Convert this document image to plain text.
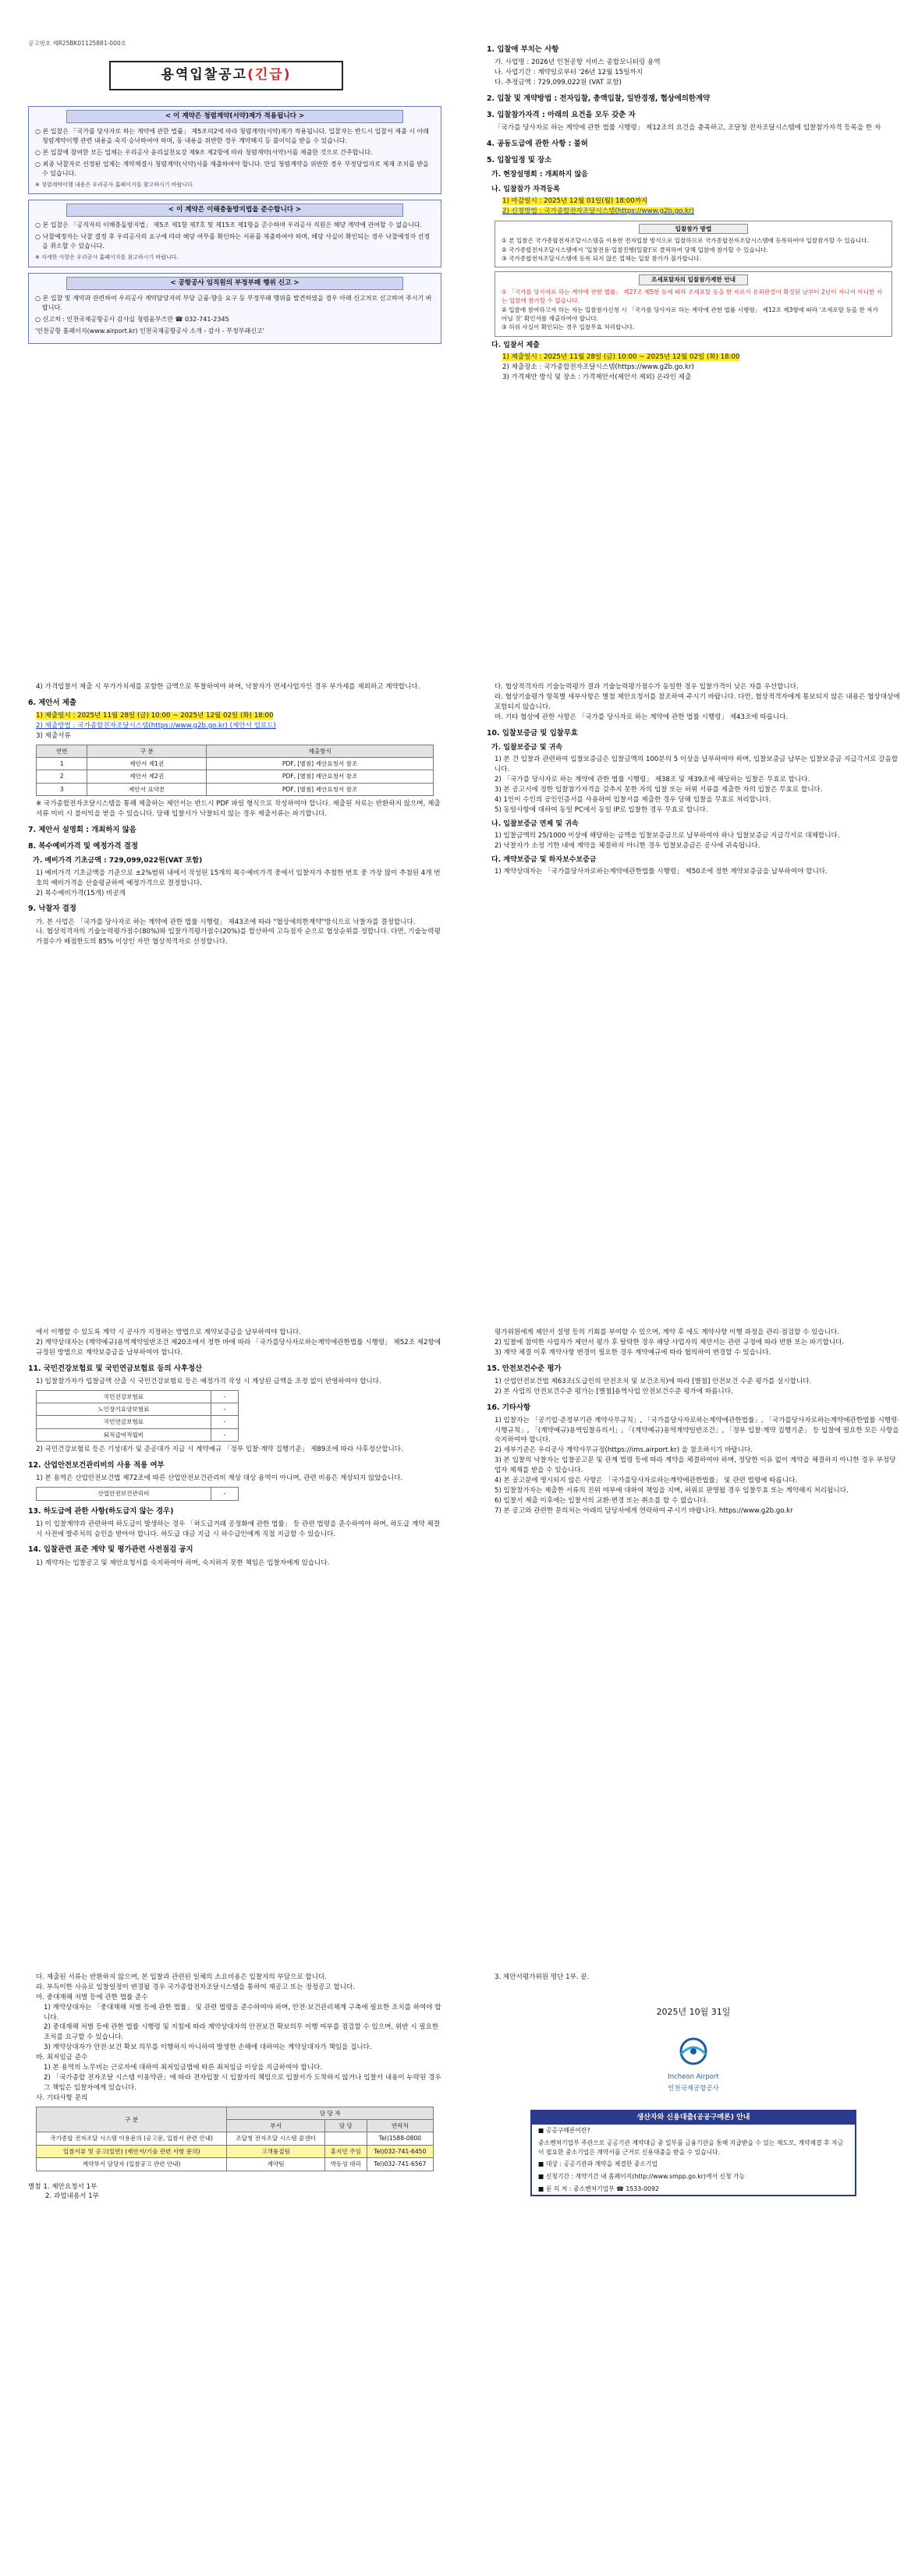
공고번호 제R25BK01125881-000호
용역입찰공고(긴급)
< 이 계약은 청렴계약(서약)제가 적용됩니다 >
○ 본 입찰은 「국가를 당사자로 하는 계약에 관한 법률」 제5조의2에 따라 청렴계약(서약)제가 적용됩니다. 입찰자는 반드시 입찰서 제출 시 아래 청렴계약이행 관련 내용을 숙지·승낙하여야 하며, 동 내용을 위반한 경우 계약해지 등 불이익을 받을 수 있습니다.
○ 본 입찰에 참여한 모든 업체는 우리공사 윤리실천요강 제9조 제2항에 따라 청렴계약(서약)서를 제출한 것으로 간주합니다.
○ 최종 낙찰자로 선정된 업체는 계약체결시 청렴계약(서약)서를 제출하여야 합니다. 만일 청렴계약을 위반한 경우 부정당업자로 제재 조치를 받을 수 있습니다.
※ 청렴계약이행 내용은 우리공사 홈페이지를 참고하시기 바랍니다.
< 이 계약은 이해충돌방지법을 준수합니다 >
○ 본 입찰은 「공직자의 이해충돌방지법」 제5조 제1항 제7호 및 제15조 제1항을 준수하며 우리공사 직원은 해당 계약에 관여할 수 없습니다.
○ 낙찰예정자는 낙찰 결정 후 우리공사의 요구에 따라 해당 여부를 확인하는 서류를 제출하여야 하며, 해당 사실이 확인되는 경우 낙찰예정자 선정을 취소할 수 있습니다.
※ 자세한 사항은 우리공사 홈페이지를 참고하시기 바랍니다.
< 공항공사 임직원의 부정부패 행위 신고 >
○ 본 입찰 및 계약과 관련하여 우리공사 계약담당자의 부당 금품·향응 요구 등 부정부패 행위를 발견하였을 경우 아래 신고처로 신고하여 주시기 바랍니다.
○ 신고처 : 인천국제공항공사 감사실 청렴옴부즈만 ☎ 032-741-2345
'인천공항 홈페이지(www.airport.kr) 인천국제공항공사 소개 - 감사 - 부정부패신고'
1. 입찰에 부치는 사항
가. 사업명 : 2026년 인천공항 서비스 종합모니터링 용역
나. 사업기간 : 계약일로부터 '26년 12월 15일까지
다. 추정금액 : 729,099,022원 (VAT 포함)
2. 입찰 및 계약방법 : 전자입찰, 총액입찰, 일반경쟁, 협상에의한계약
3. 입찰참가자격 : 아래의 요건을 모두 갖춘 자
「국가를 당사자로 하는 계약에 관한 법률 시행령」 제12조의 요건을 충족하고, 조달청 전자조달시스템에 입찰참가자격 등록을 한 자
4. 공동도급에 관한 사항 : 불허
5. 입찰일정 및 장소
가. 현장설명회 : 개최하지 않음
나. 입찰참가 자격등록
1) 마감일시 : 2025년 12월 01일(월) 18:00까지
2) 신청방법 : 국가종합전자조달시스템(https://www.g2b.go.kr)
입찰참가 방법
① 본 입찰은 국가종합전자조달시스템을 이용한 전자입찰 방식으로 입찰하므로 국가종합전자조달시스템에 등록하여야 입찰참가할 수 있습니다.
② 국가종합전자조달시스템에서 '입찰전용·입찰진행(일괄)'로 클릭하여 당해 입찰에 참가할 수 있습니다.
③ 국가종합전자조달시스템에 등록 되지 않은 업체는 입찰 참가가 불가합니다.
조세포탈자의 입찰참가제한 안내
① 「국가를 당사자로 하는 계약에 관한 법률」 제27조 제5항 등에 따라 조세포탈 등을 한 자로서 유죄판결이 확정된 날부터 2년이 지나지 아니한 자는 입찰에 참가할 수 없습니다.
② 입찰에 참여하고자 하는 자는 입찰참가신청 시 「국가를 당사자로 하는 계약에 관한 법률 시행령」 제12조 제3항에 따라 '조세포탈 등을 한 자가 아닐 것' 확인서를 제출하여야 합니다.
③ 허위 사실이 확인되는 경우 입찰무효 처리합니다.
다. 입찰서 제출
1) 제출일시 : 2025년 11월 28일 (금) 10:00 ~ 2025년 12월 02일 (화) 18:00
2) 제출장소 : 국가종합전자조달시스템(https://www.g2b.go.kr)
3) 가격제안 방식 및 장소 : 가격제안서(제안서 제외) 온라인 제출
4) 가격입찰서 제출 시 부가가치세를 포함한 금액으로 투찰하여야 하며, 낙찰자가 면세사업자인 경우 부가세를 제외하고 계약합니다.
6. 제안서 제출
1) 제출일시 : 2025년 11월 28일 (금) 10:00 ~ 2025년 12월 02일 (화) 18:00
2) 제출방법 : 국가종합전자조달시스템(https://www.g2b.go.kr) (제안서 업로드)
3) 제출서류
연번	구 분	제출방식
1	제안서 제1권	PDF, [별첨] 제안요청서 참조
2	제안서 제2권	PDF, [별첨] 제안요청서 참조
3	제안서 요약본	PDF, [별첨] 제안요청서 참조
※ 국가종합전자조달시스템을 통해 제출하는 제안서는 반드시 PDF 파일 형식으로 작성하여야 합니다. 제출된 자료는 반환하지 않으며, 제출서류 미비 시 불이익을 받을 수 있습니다. 당해 입찰서가 낙찰되지 않는 경우 제출서류는 파기합니다.
7. 제안서 설명회 : 개최하지 않음
8. 복수예비가격 및 예정가격 결정
가. 예비가격 기초금액 : 729,099,022원(VAT 포함)
1) 예비가격 기초금액을 기준으로 ±2%범위 내에서 작성된 15개의 복수예비가격 중에서 입찰자가 추첨한 번호 중 가장 많이 추첨된 4개 번호의 예비가격을 산술평균하여 예정가격으로 결정합니다.
2) 복수예비가격(15개) 비공개
9. 낙찰자 결정
가. 본 사업은 「국가를 당사자로 하는 계약에 관한 법률 시행령」 제43조에 따라 "협상에의한계약"방식으로 낙찰자를 결정합니다.
나. 협상적격자의 기술능력평가점수(80%)와 입찰가격평가점수(20%)를 합산하여 고득점자 순으로 협상순위를 정합니다. 다만, 기술능력평가점수가 배점한도의 85% 이상인 자만 협상적격자로 선정합니다.
다. 협상적격자의 기술능력평가 결과 기술능력평가점수가 동일한 경우 입찰가격이 낮은 자를 우선합니다.
라. 협상기술평가 항목별 세부사항은 별첨 제안요청서를 참조하여 주시기 바랍니다. 다만, 협상적격자에게 통보되지 않은 내용은 협상대상에 포함되지 않습니다.
마. 기타 협상에 관한 사항은 「국가를 당사자로 하는 계약에 관한 법률 시행령」 제43조에 따릅니다.
10. 입찰보증금 및 입찰무효
가. 입찰보증금 및 귀속
1) 본 건 입찰과 관련하여 입찰보증금은 입찰금액의 100분의 5 이상을 납부하여야 하며, 입찰보증금 납부는 입찰보증금 지급각서로 갈음합니다.
2) 「국가를 당사자로 하는 계약에 관한 법률 시행령」 제38조 및 제39조에 해당하는 입찰은 무효로 합니다.
3) 본 공고서에 정한 입찰참가자격을 갖추지 못한 자의 입찰 또는 허위 서류를 제출한 자의 입찰은 무효로 합니다.
4) 1인이 수인의 공인인증서를 사용하여 입찰서를 제출한 경우 당해 입찰을 무효로 처리합니다.
5) 동일사항에 대하여 동일 PC에서 동일 IP로 입찰한 경우 무효로 합니다.
나. 입찰보증금 면제 및 귀속
1) 입찰금액의 25/1000 이상에 해당하는 금액을 입찰보증금으로 납부하여야 하나 입찰보증금 지급각서로 대체합니다.
2) 낙찰자가 소정 기한 내에 계약을 체결하지 아니한 경우 입찰보증금은 공사에 귀속됩니다.
다. 계약보증금 및 하자보수보증금
1) 계약상대자는 「국가를당사자로하는계약에관한법률 시행령」 제50조에 정한 계약보증금을 납부하여야 합니다.
에서 이행할 수 있도록 계약 시 공사가 지정하는 방법으로 계약보증금을 납부하여야 합니다.
2) 계약상대자는 (계약예규)용역계약일반조건 제20조에서 정한 바에 따라 「국가를당사자로하는계약에관한법률 시행령」 제52조 제2항에 규정된 방법으로 계약보증금을 납부하여야 합니다.
11. 국민건강보험료 및 국민연금보험료 등의 사후정산
1) 입찰참가자가 입찰금액 산출 시 국민건강보험료 등은 예정가격 작성 시 계상된 금액을 조정 없이 반영하여야 합니다.
국민건강보험료	-
노인장기요양보험료	-
국민연금보험료	-
퇴직급여적립비	-
2) 국민건강보험료 등은 기성대가 및 준공대가 지급 시 계약예규 「정부 입찰·계약 집행기준」 제89조에 따라 사후정산합니다.
12. 산업안전보건관리비의 사용 적용 여부
1) 본 용역은 산업안전보건법 제72조에 따른 산업안전보건관리비 계상 대상 용역이 아니며, 관련 비용은 계상되지 않았습니다.
산업안전보건관리비	-
13. 하도급에 관한 사항(하도급지 않는 경우)
1) 이 입찰계약과 관련하여 하도급이 발생하는 경우 「하도급거래 공정화에 관한 법률」 등 관련 법령을 준수하여야 하며, 하도급 계약 체결 시 사전에 발주처의 승인을 받아야 합니다. 하도급 대금 지급 시 하수급인에게 직접 지급할 수 있습니다.
14. 입찰관련 표준 계약 및 평가관련 사전점검 공지
1) 계약자는 입찰공고 및 제안요청서를 숙지하여야 하며, 숙지하지 못한 책임은 입찰자에게 있습니다.
평가위원에게 제안서 설명 등의 기회를 부여할 수 있으며, 계약 후 에도 계약사항 이행 과정을 관리·점검할 수 있습니다.
2) 입찰에 참여한 사업자가 제안서 평가 후 탈락한 경우 해당 사업자의 제안서는 관련 규정에 따라 반환 또는 파기합니다.
3) 계약 체결 이후 계약사항 변경이 필요한 경우 계약예규에 따라 협의하여 변경할 수 있습니다.
15. 안전보건수준 평가
1) 산업안전보건법 제63조(도급인의 안전조치 및 보건조치)에 따라 [별첨] 안전보건 수준 평가를 실시합니다.
2) 본 사업의 안전보건수준 평가는 [별첨]용역사업 안전보건수준 평가에 따릅니다.
16. 기타사항
1) 입찰자는 「공기업·준정부기관 계약사무규칙」, 「국가를당사자로하는계약에관한법률」, 「국가를당사자로하는계약에관한법률 시행령·시행규칙」, 「(계약예규)용역입찰유의서」, 「(계약예규)용역계약일반조건」, 「정부 입찰·계약 집행기준」 등 입찰에 필요한 모든 사항을 숙지하여야 합니다.
2) 세부기준은 우리공사 계약사무규정(https://ims.airport.kr) 을 참조하시기 바랍니다.
3) 본 입찰의 낙찰자는 입찰공고문 및 관계 법령 등에 따라 계약을 체결하여야 하며, 정당한 이유 없이 계약을 체결하지 아니한 경우 부정당업자 제재를 받을 수 있습니다.
4) 본 공고문에 명시되지 않은 사항은 「국가를당사자로하는계약에관한법률」 및 관련 법령에 따릅니다.
5) 입찰참가자는 제출한 서류의 진위 여부에 대하여 책임을 지며, 허위로 판명될 경우 입찰무효 또는 계약해지 처리됩니다.
6) 입찰서 제출 이후에는 입찰서의 교환·변경 또는 취소를 할 수 없습니다.
7) 본 공고와 관련한 문의처는 아래의 담당자에게 연락하여 주시기 바랍니다. https://www.g2b.go.kr
다. 제출된 서류는 반환하지 않으며, 본 입찰과 관련된 일체의 소요비용은 입찰자의 부담으로 합니다.
라. 부득이한 사유로 입찰일정이 변경될 경우 국가종합전자조달시스템을 통하여 재공고 또는 정정공고 합니다.
마. 중대재해 처벌 등에 관한 법률 준수
1) 계약상대자는 「중대재해 처벌 등에 관한 법률」 및 관련 법령을 준수하여야 하며, 안전·보건관리체계 구축에 필요한 조치를 하여야 합니다.
2) 중대재해 처벌 등에 관한 법률 시행령 및 지침에 따라 계약상대자의 안전보건 확보의무 이행 여부를 점검할 수 있으며, 위반 시 필요한 조치를 요구할 수 있습니다.
3) 계약상대자가 안전·보건 확보 의무를 이행하지 아니하여 발생한 손해에 대하여는 계약상대자가 책임을 집니다.
바. 최저임금 준수
1) 본 용역의 노무비는 근로자에 대하여 최저임금법에 따른 최저임금 이상을 지급하여야 합니다.
2) 「국가종합 전자조달 시스템 이용약관」에 따라 전자입찰 시 입찰자의 책임으로 입찰서가 도착하지 않거나 입찰서 내용이 누락된 경우 그 책임은 입찰자에게 있습니다.
사. 기타사항 문의
구 분	담 당 자		
	부서	담 당	연락처
국가종합 전자조달 시스템 이용문의 (공고문, 입찰서 관련 안내)	조달청 전자조달 시스템 콜센터		Tel)1588-0800
입찰서류 및 공고(일반) (제안서/기술 관련 사항 문의)	고객품질팀	홍지민 주임	Tel)032-741-6450
계약부서 담당자 (입찰공고 관련 안내)	계약팀	박동성 대리	Tel)032-741-6567
별첨 1. 제안요청서 1부
2. 과업내용서 1부
3. 제안서평가위원 명단 1부. 끝.
2025년 10월 31일
Incheon Airport
인천국제공항공사
생산자와 신용대출(공공구매론) 안내
■ 공공구매론이란?
중소벤처기업부 주관으로 공공기관 계약대금 중 일부를 금융기관을 통해 지급받을 수 있는 제도로, 계약체결 후 자금이 필요한 중소기업은 계약서를 근거로 신용대출을 받을 수 있습니다.
■ 대상 : 공공기관과 계약을 체결한 중소기업
■ 신청기간 : 계약기간 내 홈페이지(http://www.smpp.go.kr)에서 신청 가능
■ 문 의 처 : 중소벤처기업부 ☎ 1533-0092
